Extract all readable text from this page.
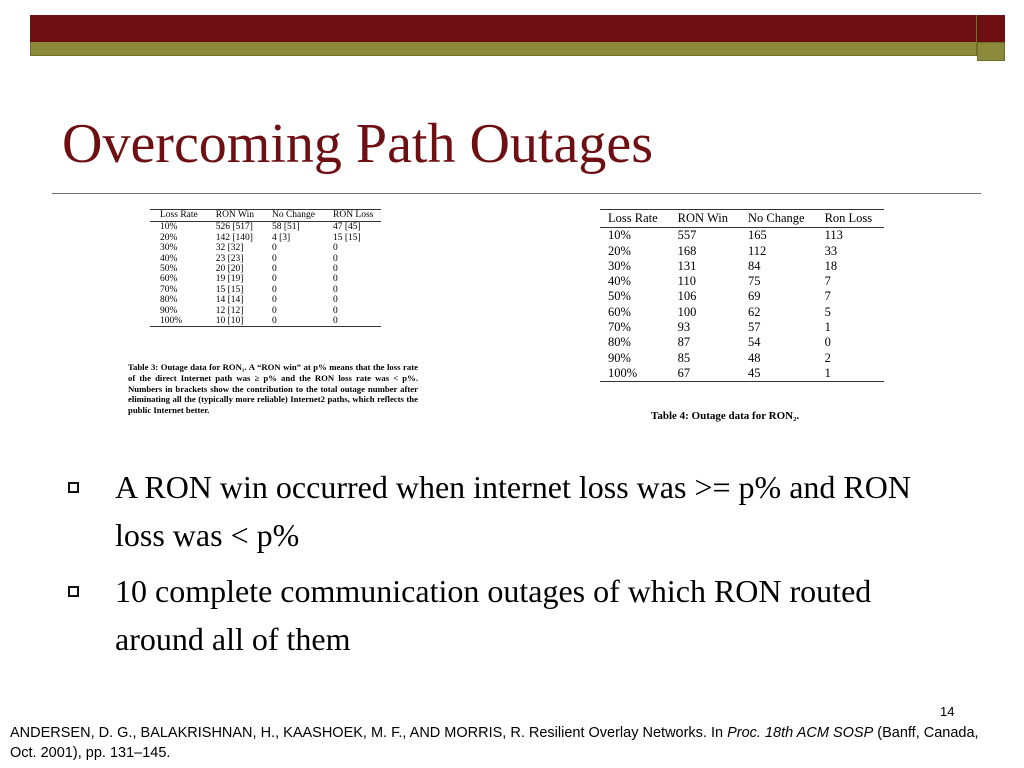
Overcoming Path Outages
Loss Rate	RON Win	No Change	RON Loss
10%	526 [517]	58 [51]	47 [45]
20%	142 [140]	4 [3]	15 [15]
30%	32 [32]	0	0
40%	23 [23]	0	0
50%	20 [20]	0	0
60%	19 [19]	0	0
70%	15 [15]	0	0
80%	14 [14]	0	0
90%	12 [12]	0	0
100%	10 [10]	0	0
Table 3: Outage data for RON₁. A “RON win” at p% means that the loss rate of the direct Internet path was ≥ p% and the RON loss rate was < p%. Numbers in brackets show the contribution to the total outage number after eliminating all the (typically more reliable) Internet2 paths, which reflects the public Internet better.
Loss Rate	RON Win	No Change	Ron Loss
10%	557	165	113
20%	168	112	33
30%	131	84	18
40%	110	75	7
50%	106	69	7
60%	100	62	5
70%	93	57	1
80%	87	54	0
90%	85	48	2
100%	67	45	1
Table 4: Outage data for RON₂.
A RON win occurred when internet loss was >= p% and RON loss was < p%
10 complete communication outages of which RON routed around all of them
14
ANDERSEN, D. G., BALAKRISHNAN, H., KAASHOEK, M. F., AND MORRIS, R. Resilient Overlay Networks. In Proc. 18th ACM SOSP (Banff, Canada, Oct. 2001), pp. 131–145.
